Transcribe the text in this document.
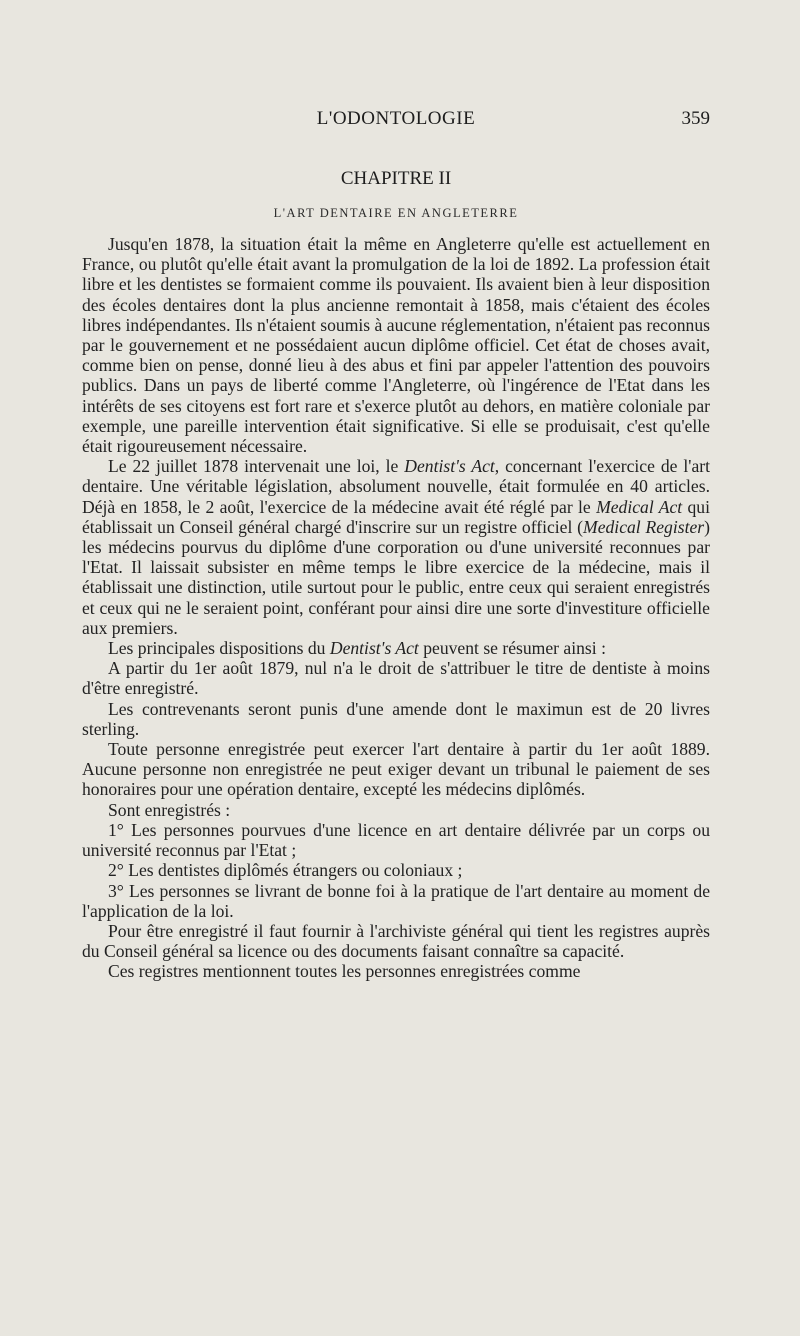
L'ODONTOLOGIE	359
CHAPITRE II
L'ART DENTAIRE EN ANGLETERRE

Jusqu'en 1878, la situation était la même en Angleterre qu'elle est actuellement en France, ou plutôt qu'elle était avant la promulgation de la loi de 1892. La profession était libre et les dentistes se formaient comme ils pouvaient. Ils avaient bien à leur disposition des écoles dentaires dont la plus ancienne remontait à 1858, mais c'étaient des écoles libres indépendantes. Ils n'étaient soumis à aucune réglementation, n'étaient pas reconnus par le gouvernement et ne possédaient aucun diplôme officiel. Cet état de choses avait, comme bien on pense, donné lieu à des abus et fini par appeler l'attention des pouvoirs publics. Dans un pays de liberté comme l'Angleterre, où l'ingérence de l'Etat dans les intérêts de ses citoyens est fort rare et s'exerce plutôt au dehors, en matière coloniale par exemple, une pareille intervention était significative. Si elle se produisait, c'est qu'elle était rigoureusement nécessaire.

Le 22 juillet 1878 intervenait une loi, le Dentist's Act, concernant l'exercice de l'art dentaire. Une véritable législation, absolument nouvelle, était formulée en 40 articles. Déjà en 1858, le 2 août, l'exercice de la médecine avait été réglé par le Medical Act qui établissait un Conseil général chargé d'inscrire sur un registre officiel (Medical Register) les médecins pourvus du diplôme d'une corporation ou d'une université reconnues par l'Etat. Il laissait subsister en même temps le libre exercice de la médecine, mais il établissait une distinction, utile surtout pour le public, entre ceux qui seraient enregistrés et ceux qui ne le seraient point, conférant pour ainsi dire une sorte d'investiture officielle aux premiers.

Les principales dispositions du Dentist's Act peuvent se résumer ainsi :

A partir du 1er août 1879, nul n'a le droit de s'attribuer le titre de dentiste à moins d'être enregistré.

Les contrevenants seront punis d'une amende dont le maximun est de 20 livres sterling.

Toute personne enregistrée peut exercer l'art dentaire à partir du 1er août 1889. Aucune personne non enregistrée ne peut exiger devant un tribunal le paiement de ses honoraires pour une opération dentaire, excepté les médecins diplômés.

Sont enregistrés :

1° Les personnes pourvues d'une licence en art dentaire délivrée par un corps ou université reconnus par l'Etat ;

2° Les dentistes diplômés étrangers ou coloniaux ;

3° Les personnes se livrant de bonne foi à la pratique de l'art dentaire au moment de l'application de la loi.

Pour être enregistré il faut fournir à l'archiviste général qui tient les registres auprès du Conseil général sa licence ou des documents faisant connaître sa capacité.

Ces registres mentionnent toutes les personnes enregistrées comme
